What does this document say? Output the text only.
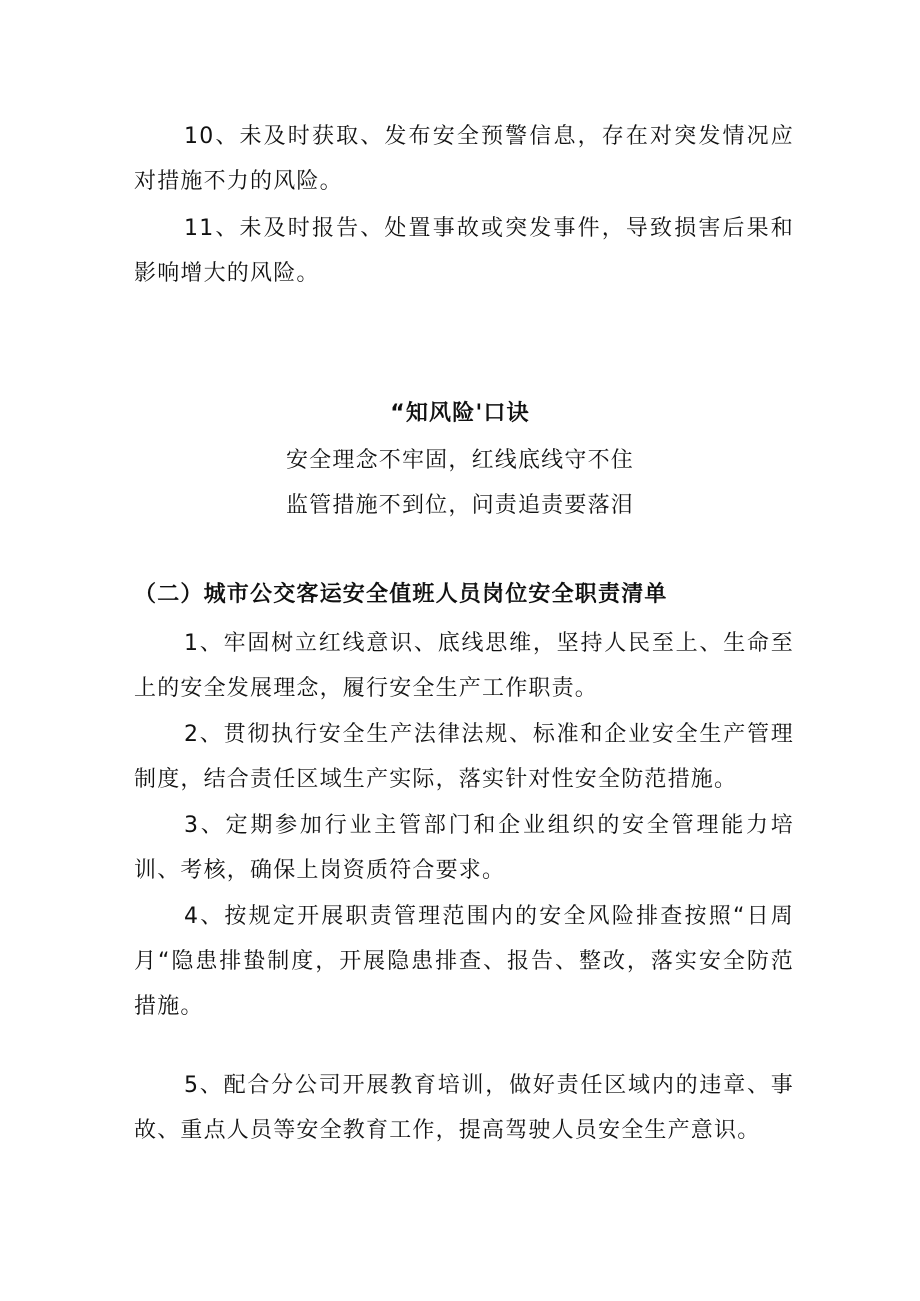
10、未及时获取、发布安全预警信息，存在对突发情况应对措施不力的风险。

11、未及时报告、处置事故或突发事件，导致损害后果和影响增大的风险。

“知风险'口诀

安全理念不牢固，红线底线守不住

监管措施不到位，问责追责要落泪

（二）城市公交客运安全值班人员岗位安全职责清单

1、牢固树立红线意识、底线思维，坚持人民至上、生命至上的安全发展理念，履行安全生产工作职责。

2、贯彻执行安全生产法律法规、标准和企业安全生产管理制度，结合责任区域生产实际，落实针对性安全防范措施。

3、定期参加行业主管部门和企业组织的安全管理能力培训、考核，确保上岗资质符合要求。

4、按规定开展职责管理范围内的安全风险排查按照“日周月“隐患排蛰制度，开展隐患排查、报告、整改，落实安全防范措施。

5、配合分公司开展教育培训，做好责任区域内的违章、事故、重点人员等安全教育工作，提高驾驶人员安全生产意识。
